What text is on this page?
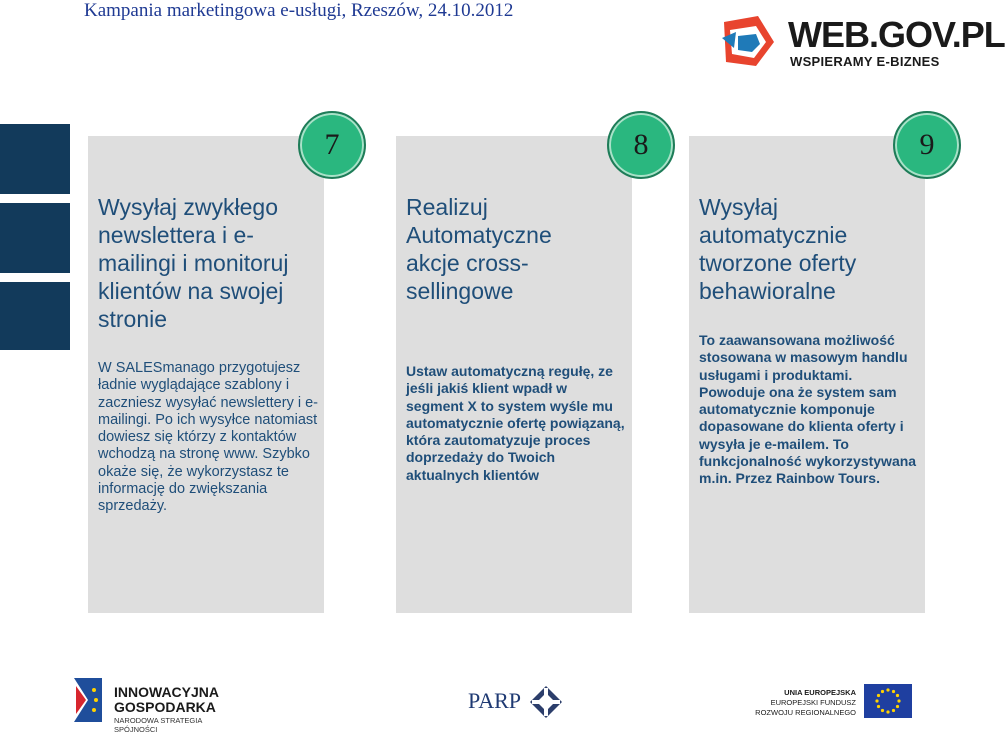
Kampania marketingowa e-usługi, Rzeszów, 24.10.2012
WEB.GOV.PL
WSPIERAMY E-BIZNES
Wysyłaj zwykłego newslettera i e-mailingi i monitoruj klientów na swojej stronie
W SALESmanago przygotujesz ładnie wyglądające szablony i zaczniesz wysyłać newslettery i e-mailingi. Po ich wysyłce natomiast dowiesz się którzy z kontaktów wchodzą na stronę www. Szybko okaże się, że wykorzystasz te informację do zwiększania sprzedaży.
7
Realizuj Automatyczne akcje cross-sellingowe
Ustaw automatyczną regułę, ze jeśli jakiś klient wpadł w segment X to system wyśle mu automatycznie ofertę powiązaną, która zautomatyzuje proces doprzedaży do Twoich aktualnych klientów
8
Wysyłaj automatycznie tworzone oferty behawioralne
To zaawansowana możliwość stosowana w masowym handlu usługami i produktami. Powoduje ona że system sam automatycznie komponuje dopasowane do klienta oferty i wysyła je e-mailem. To funkcjonalność wykorzystywana m.in. Przez Rainbow Tours.
9
INNOWACYJNA
GOSPODARKA
NARODOWA STRATEGIA SPÓJNOŚCI
PARP	UNIA EUROPEJSKA
EUROPEJSKI FUNDUSZ
ROZWOJU REGIONALNEGO
